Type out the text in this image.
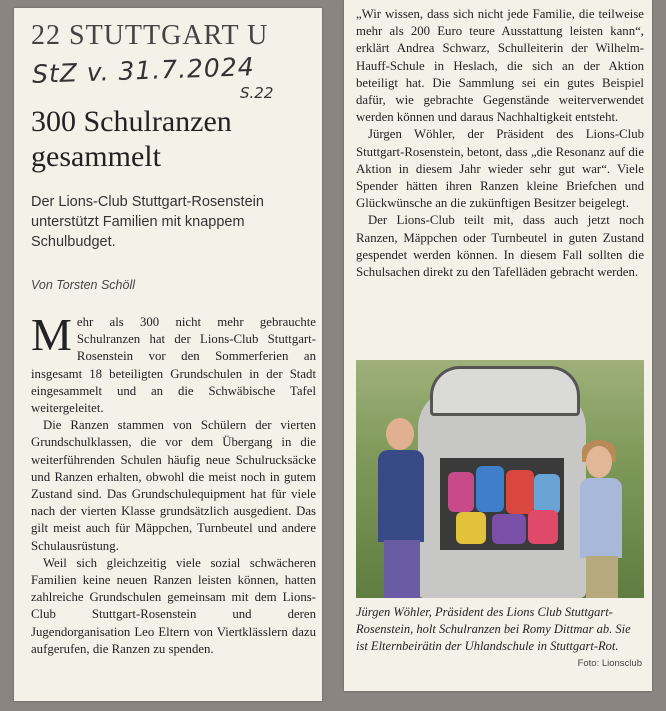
22 STUTTGART U
StZ v. 31.7.2024
S.22
300 Schulranzen gesammelt
Der Lions-Club Stuttgart-Rosenstein unterstützt Familien mit knappem Schulbudget.
Von Torsten Schöll

Mehr als 300 nicht mehr gebrauchte Schulranzen hat der Lions-Club Stuttgart-Rosenstein vor den Sommerferien an insgesamt 18 beteiligten Grundschulen in der Stadt eingesammelt und an die Schwäbische Tafel weitergeleitet.

Die Ranzen stammen von Schülern der vierten Grundschulklassen, die vor dem Übergang in die weiterführenden Schulen häufig neue Schulrucksäcke und Ranzen erhalten, obwohl die meist noch in gutem Zustand sind. Das Grundschulequipment hat für viele nach der vierten Klasse grundsätzlich ausgedient. Das gilt meist auch für Mäppchen, Turnbeutel und andere Schulausrüstung.

Weil sich gleichzeitig viele sozial schwächeren Familien keine neuen Ranzen leisten können, hatten zahlreiche Grundschulen gemeinsam mit dem Lions-Club Stuttgart-Rosenstein und deren Jugendorganisation Leo Eltern von Viertklässlern dazu aufgerufen, die Ranzen zu spenden.

„Wir wissen, dass sich nicht jede Familie, die teilweise mehr als 200 Euro teure Ausstattung leisten kann“, erklärt Andrea Schwarz, Schulleiterin der Wilhelm-Hauff-Schule in Heslach, die sich an der Aktion beteiligt hat. Die Sammlung sei ein gutes Beispiel dafür, wie gebrachte Gegenstände weiterverwendet werden können und daraus Nachhaltigkeit entsteht.

Jürgen Wöhler, der Präsident des Lions-Club Stuttgart-Rosenstein, betont, dass „die Resonanz auf die Aktion in diesem Jahr wieder sehr gut war“. Viele Spender hätten ihren Ranzen kleine Briefchen und Glückwünsche an die zukünftigen Besitzer beigelegt.

Der Lions-Club teilt mit, dass auch jetzt noch Ranzen, Mäppchen oder Turnbeutel in guten Zustand gespendet werden können. In diesem Fall sollten die Schulsachen direkt zu den Tafelläden gebracht werden.

Jürgen Wöhler, Präsident des Lions Club Stuttgart-Rosenstein, holt Schulranzen bei Romy Dittmar ab. Sie ist Elternbeirätin der Uhlandschule in Stuttgart-Rot.
Foto: Lionsclub
